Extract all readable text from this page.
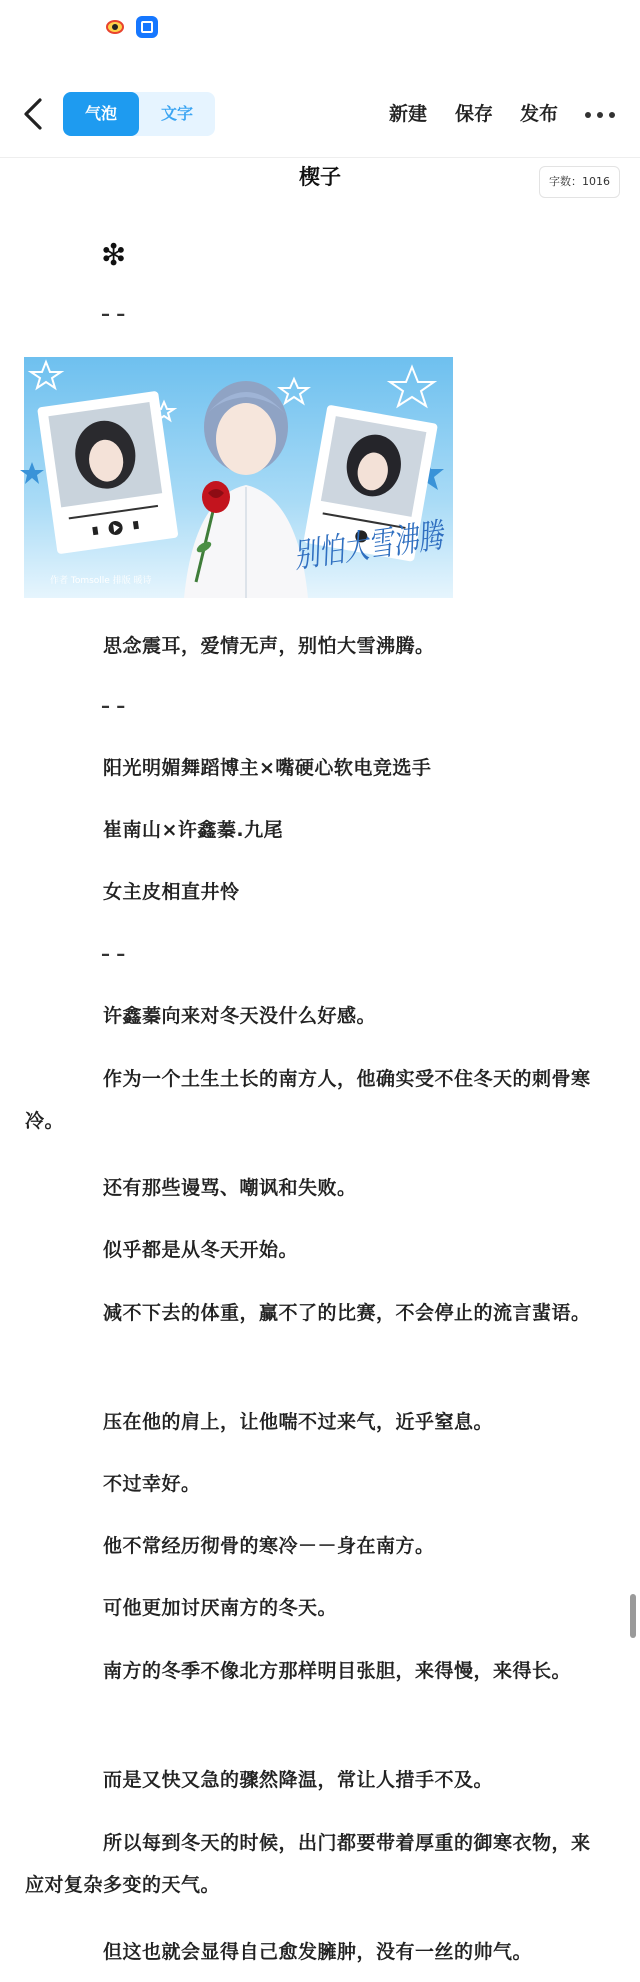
气泡	文字	新建 保存 发布
楔子	字数：1016
❇
– –
别怕大雪沸腾
作者 Tomsolle 排版 暖诗
思念震耳，爱情无声，别怕大雪沸腾。
– –
阳光明媚舞蹈博主×嘴硬心软电竞选手
崔南山×许鑫蓁.九尾
女主皮相直井怜
– –
许鑫蓁向来对冬天没什么好感。
作为一个土生土长的南方人，他确实受不住冬天的刺骨寒冷。
还有那些谩骂、嘲讽和失败。
似乎都是从冬天开始。
减不下去的体重，赢不了的比赛，不会停止的流言蜚语。
压在他的肩上，让他喘不过来气，近乎窒息。
不过幸好。
他不常经历彻骨的寒冷－－身在南方。
可他更加讨厌南方的冬天。
南方的冬季不像北方那样明目张胆，来得慢，来得长。
而是又快又急的骤然降温，常让人措手不及。
所以每到冬天的时候，出门都要带着厚重的御寒衣物，来应对复杂多变的天气。
但这也就会显得自己愈发臃肿，没有一丝的帅气。
